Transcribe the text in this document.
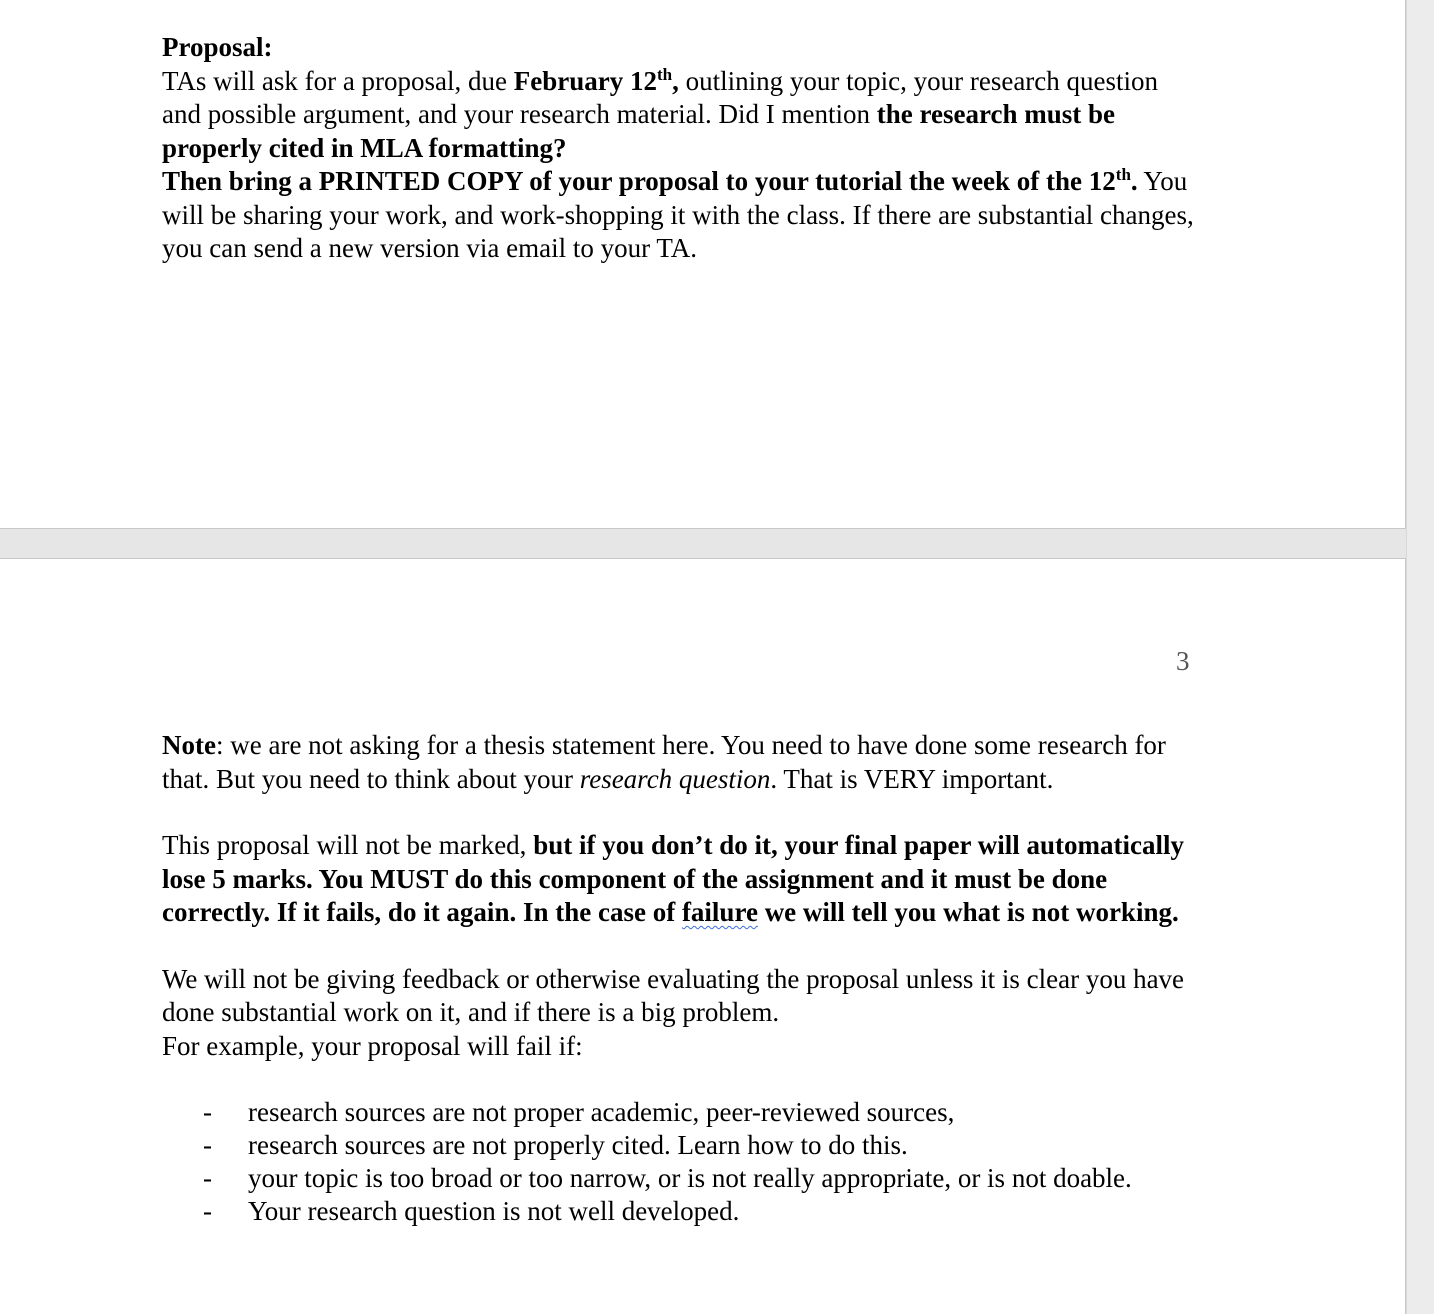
Proposal:
TAs will ask for a proposal, due February 12th, outlining your topic, your research question and possible argument, and your research material. Did I mention the research must be properly cited in MLA formatting?
Then bring a PRINTED COPY of your proposal to your tutorial the week of the 12th. You will be sharing your work, and work-shopping it with the class. If there are substantial changes, you can send a new version via email to your TA.
3
Note: we are not asking for a thesis statement here. You need to have done some research for that. But you need to think about your research question. That is VERY important.
This proposal will not be marked, but if you don’t do it, your final paper will automatically lose 5 marks. You MUST do this component of the assignment and it must be done correctly. If it fails, do it again. In the case of failure we will tell you what is not working.
We will not be giving feedback or otherwise evaluating the proposal unless it is clear you have done substantial work on it, and if there is a big problem.
For example, your proposal will fail if:
- research sources are not proper academic, peer-reviewed sources,
- research sources are not properly cited. Learn how to do this.
- your topic is too broad or too narrow, or is not really appropriate, or is not doable.
- Your research question is not well developed.
